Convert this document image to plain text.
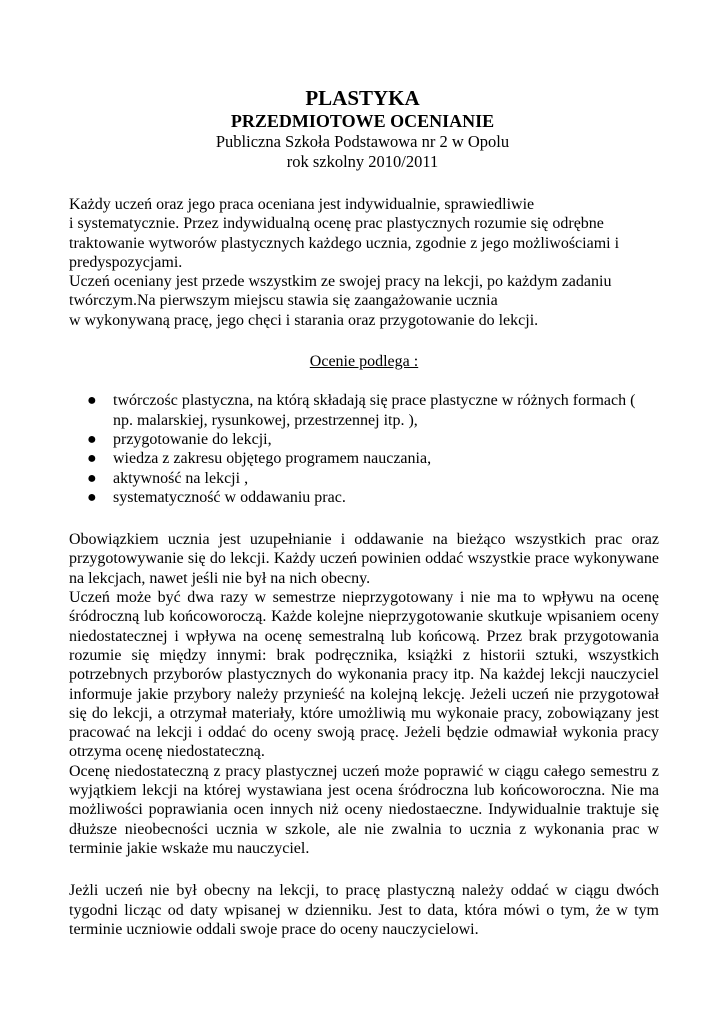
PLASTYKA

PRZEDMIOTOWE OCENIANIE

Publiczna Szkoła Podstawowa nr 2 w Opolu

rok szkolny 2010/2011

Każdy uczeń oraz jego praca oceniana jest indywidualnie, sprawiedliwie

i systematycznie. Przez indywidualną ocenę prac plastycznych rozumie się odrębne

traktowanie wytworów plastycznych każdego ucznia, zgodnie z jego możliwościami i

predyspozycjami.

Uczeń oceniany jest przede wszystkim ze swojej pracy na lekcji, po każdym zadaniu

twórczym.Na pierwszym miejscu stawia się zaangażowanie ucznia

w wykonywaną pracę, jego chęci i starania oraz przygotowanie do lekcji.

Ocenie podlega :

● twórczośc plastyczna, na którą składają się prace plastyczne w różnych formach ( np. malarskiej, rysunkowej, przestrzennej itp. ),
● przygotowanie do lekcji,
● wiedza z zakresu objętego programem nauczania,
● aktywność na lekcji ,
● systematyczność w oddawaniu prac.

Obowiązkiem ucznia jest uzupełnianie i oddawanie na bieżąco wszystkich prac oraz przygotowywanie się do lekcji. Każdy uczeń powinien oddać wszystkie prace wykonywane na lekcjach, nawet jeśli nie był na nich obecny.

Uczeń może być dwa razy w semestrze nieprzygotowany i nie ma to wpływu na ocenę śródroczną lub końcoworoczą. Każde kolejne nieprzygotowanie skutkuje wpisaniem oceny niedostatecznej i wpływa na ocenę semestralną lub końcową. Przez brak przygotowania rozumie się między innymi: brak podręcznika, książki z historii sztuki, wszystkich potrzebnych przyborów plastycznych do wykonania pracy itp. Na każdej lekcji nauczyciel informuje jakie przybory należy przynieść na kolejną lekcję. Jeżeli uczeń nie przygotował się do lekcji, a otrzymał materiały, które umożliwią mu wykonaie pracy, zobowiązany jest pracować na lekcji i oddać do oceny swoją pracę. Jeżeli będzie odmawiał wykonia pracy otrzyma ocenę niedostateczną.

Ocenę niedostateczną z pracy plastycznej uczeń może poprawić w ciągu całego semestru z wyjątkiem lekcji na której wystawiana jest ocena śródroczna lub końcoworoczna. Nie ma możliwości poprawiania ocen innych niż oceny niedostaeczne. Indywidualnie traktuje się dłuższe nieobecności ucznia w szkole, ale nie zwalnia to ucznia z wykonania prac w terminie jakie wskaże mu nauczyciel.

Jeżli uczeń nie był obecny na lekcji, to pracę plastyczną należy oddać w ciągu dwóch tygodni licząc od daty wpisanej w dzienniku. Jest to data, która mówi o tym, że w tym terminie uczniowie oddali swoje prace do oceny nauczycielowi.
